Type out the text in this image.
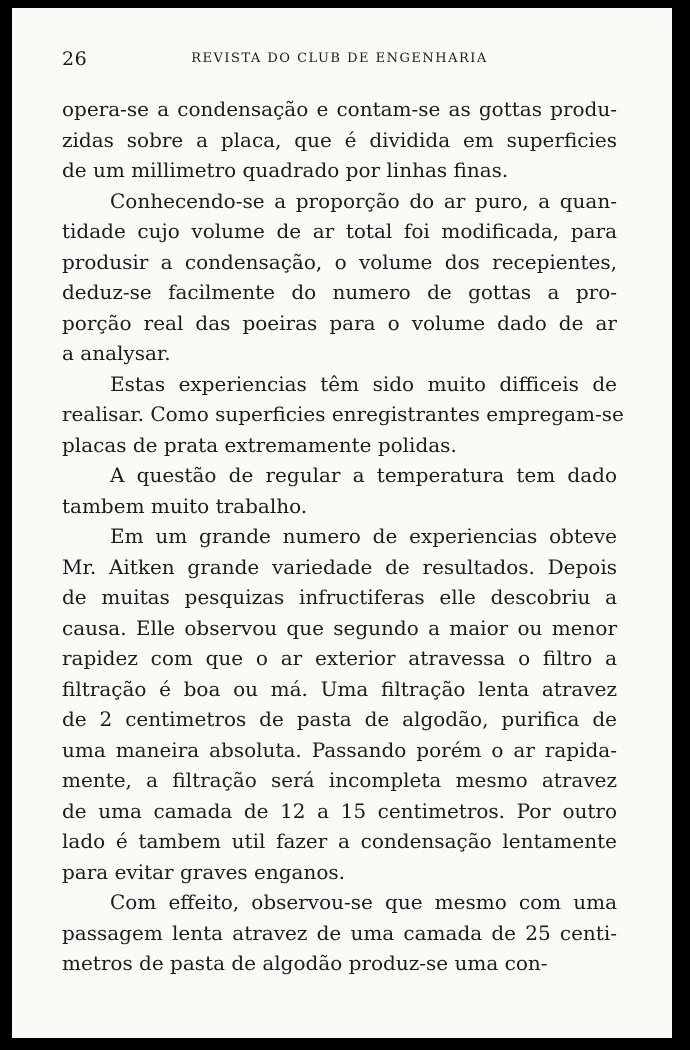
26	REVISTA DO CLUB DE ENGENHARIA
opera-se a condensação e contam-se as gottas produ-
zidas sobre a placa, que é dividida em superficies
de um millimetro quadrado por linhas finas.
Conhecendo-se a proporção do ar puro, a quan-
tidade cujo volume de ar total foi modificada, para
produsir a condensação, o volume dos recepientes,
deduz-se facilmente do numero de gottas a pro-
porção real das poeiras para o volume dado de ar
a analysar.
Estas experiencias têm sido muito difficeis de
realisar. Como superficies enregistrantes empregam-se
placas de prata extremamente polidas.
A questão de regular a temperatura tem dado
tambem muito trabalho.
Em um grande numero de experiencias obteve
Mr. Aitken grande variedade de resultados. Depois
de muitas pesquizas infructiferas elle descobriu a
causa. Elle observou que segundo a maior ou menor
rapidez com que o ar exterior atravessa o filtro a
filtração é boa ou má. Uma filtração lenta atravez
de 2 centimetros de pasta de algodão, purifica de
uma maneira absoluta. Passando porém o ar rapida-
mente, a filtração será incompleta mesmo atravez
de uma camada de 12 a 15 centimetros. Por outro
lado é tambem util fazer a condensação lentamente
para evitar graves enganos.
Com effeito, observou-se que mesmo com uma
passagem lenta atravez de uma camada de 25 centi-
metros de pasta de algodão produz-se uma con-
